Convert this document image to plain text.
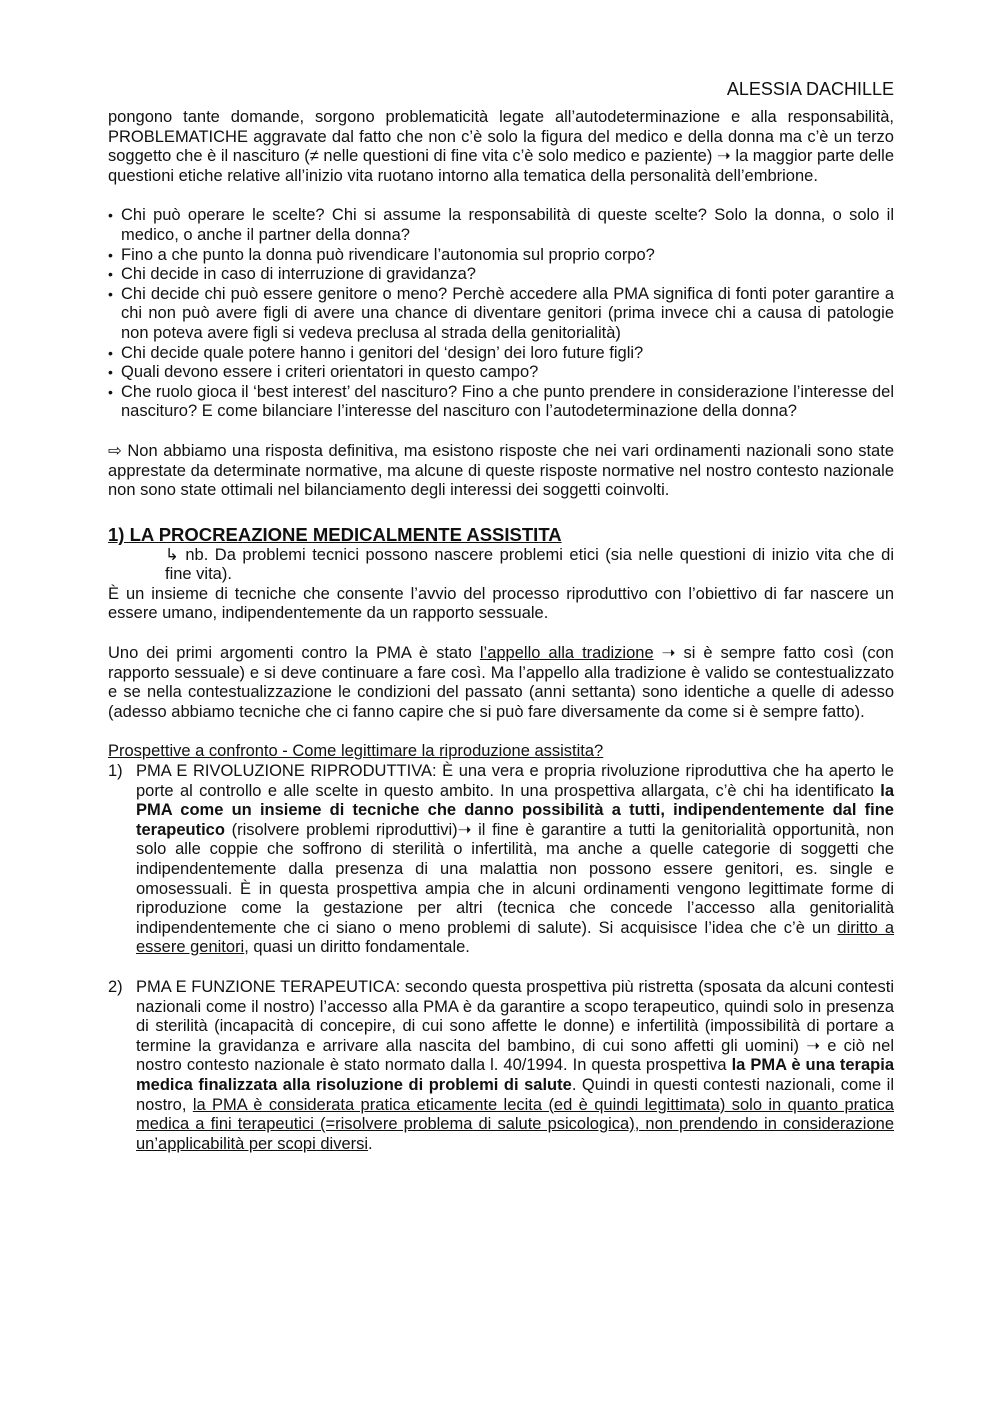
ALESSIA DACHILLE

pongono tante domande, sorgono problematicità legate all’autodeterminazione e alla responsabilità, PROBLEMATICHE aggravate dal fatto che non c’è solo la figura del medico e della donna ma c’è un terzo soggetto che è il nascituro (≠ nelle questioni di fine vita c’è solo medico e paziente) ➝ la maggior parte delle questioni etiche relative all’inizio vita ruotano intorno alla tematica della personalità dell’embrione.

• Chi può operare le scelte? Chi si assume la responsabilità di queste scelte? Solo la donna, o solo il medico, o anche il partner della donna?
• Fino a che punto la donna può rivendicare l’autonomia sul proprio corpo?
• Chi decide in caso di interruzione di gravidanza?
• Chi decide chi può essere genitore o meno? Perchè accedere alla PMA significa di fonti poter garantire a chi non può avere figli di avere una chance di diventare genitori (prima invece chi a causa di patologie non poteva avere figli si vedeva preclusa al strada della genitorialità)
• Chi decide quale potere hanno i genitori del ‘design’ dei loro future figli?
• Quali devono essere i criteri orientatori in questo campo?
• Che ruolo gioca il ‘best interest’ del nascituro? Fino a che punto prendere in considerazione l’interesse del nascituro? E come bilanciare l’interesse del nascituro con l’autodeterminazione della donna?

⇨ Non abbiamo una risposta definitiva, ma esistono risposte che nei vari ordinamenti nazionali sono state apprestate da determinate normative, ma alcune di queste risposte normative nel nostro contesto nazionale non sono state ottimali nel bilanciamento degli interessi dei soggetti coinvolti.

1) LA PROCREAZIONE MEDICALMENTE ASSISTITA

↳ nb. Da problemi tecnici possono nascere problemi etici (sia nelle questioni di inizio vita che di fine vita).

È un insieme di tecniche che consente l’avvio del processo riproduttivo con l’obiettivo di far nascere un essere umano, indipendentemente da un rapporto sessuale.

Uno dei primi argomenti contro la PMA è stato l’appello alla tradizione ➝ si è sempre fatto così (con rapporto sessuale) e si deve continuare a fare così. Ma l’appello alla tradizione è valido se contestualizzato e se nella contestualizzazione le condizioni del passato (anni settanta) sono identiche a quelle di adesso (adesso abbiamo tecniche che ci fanno capire che si può fare diversamente da come si è sempre fatto).

Prospettive a confronto - Come legittimare la riproduzione assistita?

1) PMA E RIVOLUZIONE RIPRODUTTIVA: È una vera e propria rivoluzione riproduttiva che ha aperto le porte al controllo e alle scelte in questo ambito. In una prospettiva allargata, c’è chi ha identificato la PMA come un insieme di tecniche che danno possibilità a tutti, indipendentemente dal fine terapeutico (risolvere problemi riproduttivi)➝ il fine è garantire a tutti la genitorialità opportunità, non solo alle coppie che soffrono di sterilità o infertilità, ma anche a quelle categorie di soggetti che indipendentemente dalla presenza di una malattia non possono essere genitori, es. single e omosessuali. È in questa prospettiva ampia che in alcuni ordinamenti vengono legittimate forme di riproduzione come la gestazione per altri (tecnica che concede l’accesso alla genitorialità indipendentemente che ci siano o meno problemi di salute). Si acquisisce l’idea che c’è un diritto a essere genitori, quasi un diritto fondamentale.
2) PMA E FUNZIONE TERAPEUTICA: secondo questa prospettiva più ristretta (sposata da alcuni contesti nazionali come il nostro) l’accesso alla PMA è da garantire a scopo terapeutico, quindi solo in presenza di sterilità (incapacità di concepire, di cui sono affette le donne) e infertilità (impossibilità di portare a termine la gravidanza e arrivare alla nascita del bambino, di cui sono affetti gli uomini) ➝ e ciò nel nostro contesto nazionale è stato normato dalla l. 40/1994. In questa prospettiva la PMA è una terapia medica finalizzata alla risoluzione di problemi di salute. Quindi in questi contesti nazionali, come il nostro, la PMA è considerata pratica eticamente lecita (ed è quindi legittimata) solo in quanto pratica medica a fini terapeutici (=risolvere problema di salute psicologica), non prendendo in considerazione un’applicabilità per scopi diversi.
